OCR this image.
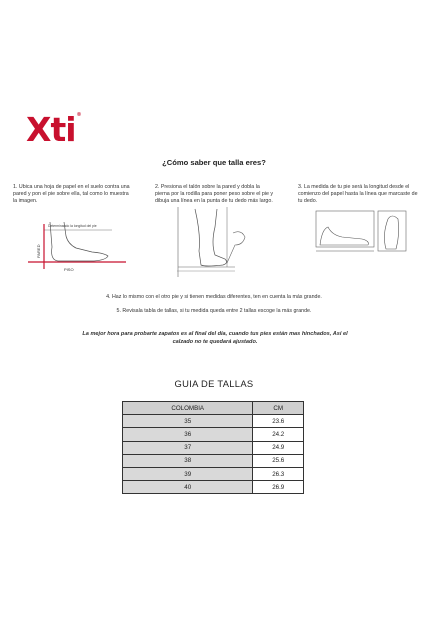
Xti®
¿Cómo saber que talla eres?
1. Ubica una hoja de papel en el suelo contra una pared y pon el pie sobre ella, tal como lo muestra la imagen.
2. Presiona el talón sobre la pared y dobla la pierna por la rodilla para poner peso sobre el pie y dibuja una línea en la punta de tu dedo más largo.
3. La medida de tu pie será la longitud desde el comienzo del papel hasta la línea que marcaste de tu dedo.
Determinando la longitud del pie
PARED
PISO
4. Haz lo mismo con el otro pie y si tienen medidas diferentes, ten en cuenta la más grande.
5. Revisala tabla de tallas, si tu medida queda entre 2 tallas escoge la más grande.
La mejor hora para probarte zapatos es al final del día, cuando tus pies están mas hinchados, Así el calzado no te quedará ajustado.
GUIA DE TALLAS
COLOMBIA	CM
35	23.6
36	24.2
37	24.9
38	25.6
39	26.3
40	26.9
